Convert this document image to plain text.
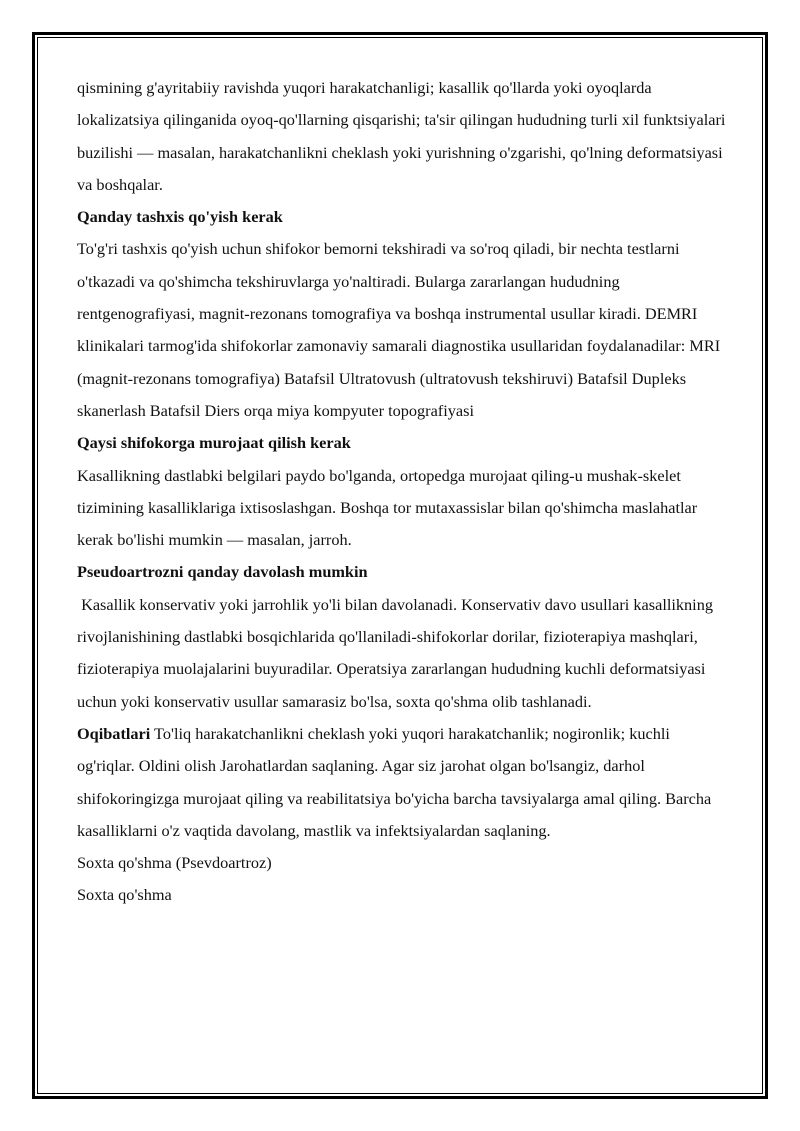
qismining g'ayritabiiy ravishda yuqori harakatchanligi; kasallik qo'llarda yoki oyoqlarda lokalizatsiya qilinganida oyoq-qo'llarning qisqarishi; ta'sir qilingan hududning turli xil funktsiyalari buzilishi — masalan, harakatchanlikni cheklash yoki yurishning o'zgarishi, qo'lning deformatsiyasi va boshqalar.

Qanday tashxis qo'yish kerak

To'g'ri tashxis qo'yish uchun shifokor bemorni tekshiradi va so'roq qiladi, bir nechta testlarni o'tkazadi va qo'shimcha tekshiruvlarga yo'naltiradi. Bularga zararlangan hududning rentgenografiyasi, magnit-rezonans tomografiya va boshqa instrumental usullar kiradi. DEMRI klinikalari tarmog'ida shifokorlar zamonaviy samarali diagnostika usullaridan foydalanadilar: MRI (magnit-rezonans tomografiya) Batafsil Ultratovush (ultratovush tekshiruvi) Batafsil Dupleks skanerlash Batafsil Diers orqa miya kompyuter topografiyasi

Qaysi shifokorga murojaat qilish kerak

Kasallikning dastlabki belgilari paydo bo'lganda, ortopedga murojaat qiling-u mushak-skelet tizimining kasalliklariga ixtisoslashgan. Boshqa tor mutaxassislar bilan qo'shimcha maslahatlar kerak bo'lishi mumkin — masalan, jarroh.

Pseudoartrozni qanday davolash mumkin

Kasallik konservativ yoki jarrohlik yo'li bilan davolanadi. Konservativ davo usullari kasallikning rivojlanishining dastlabki bosqichlarida qo'llaniladi-shifokorlar dorilar, fizioterapiya mashqlari, fizioterapiya muolajalarini buyuradilar. Operatsiya zararlangan hududning kuchli deformatsiyasi uchun yoki konservativ usullar samarasiz bo'lsa, soxta qo'shma olib tashlanadi.

Oqibatlari To'liq harakatchanlikni cheklash yoki yuqori harakatchanlik; nogironlik; kuchli og'riqlar. Oldini olish Jarohatlardan saqlaning. Agar siz jarohat olgan bo'lsangiz, darhol shifokoringizga murojaat qiling va reabilitatsiya bo'yicha barcha tavsiyalarga amal qiling. Barcha kasalliklarni o'z vaqtida davolang, mastlik va infektsiyalardan saqlaning.

Soxta qo'shma (Psevdoartroz)

Soxta qo'shma
